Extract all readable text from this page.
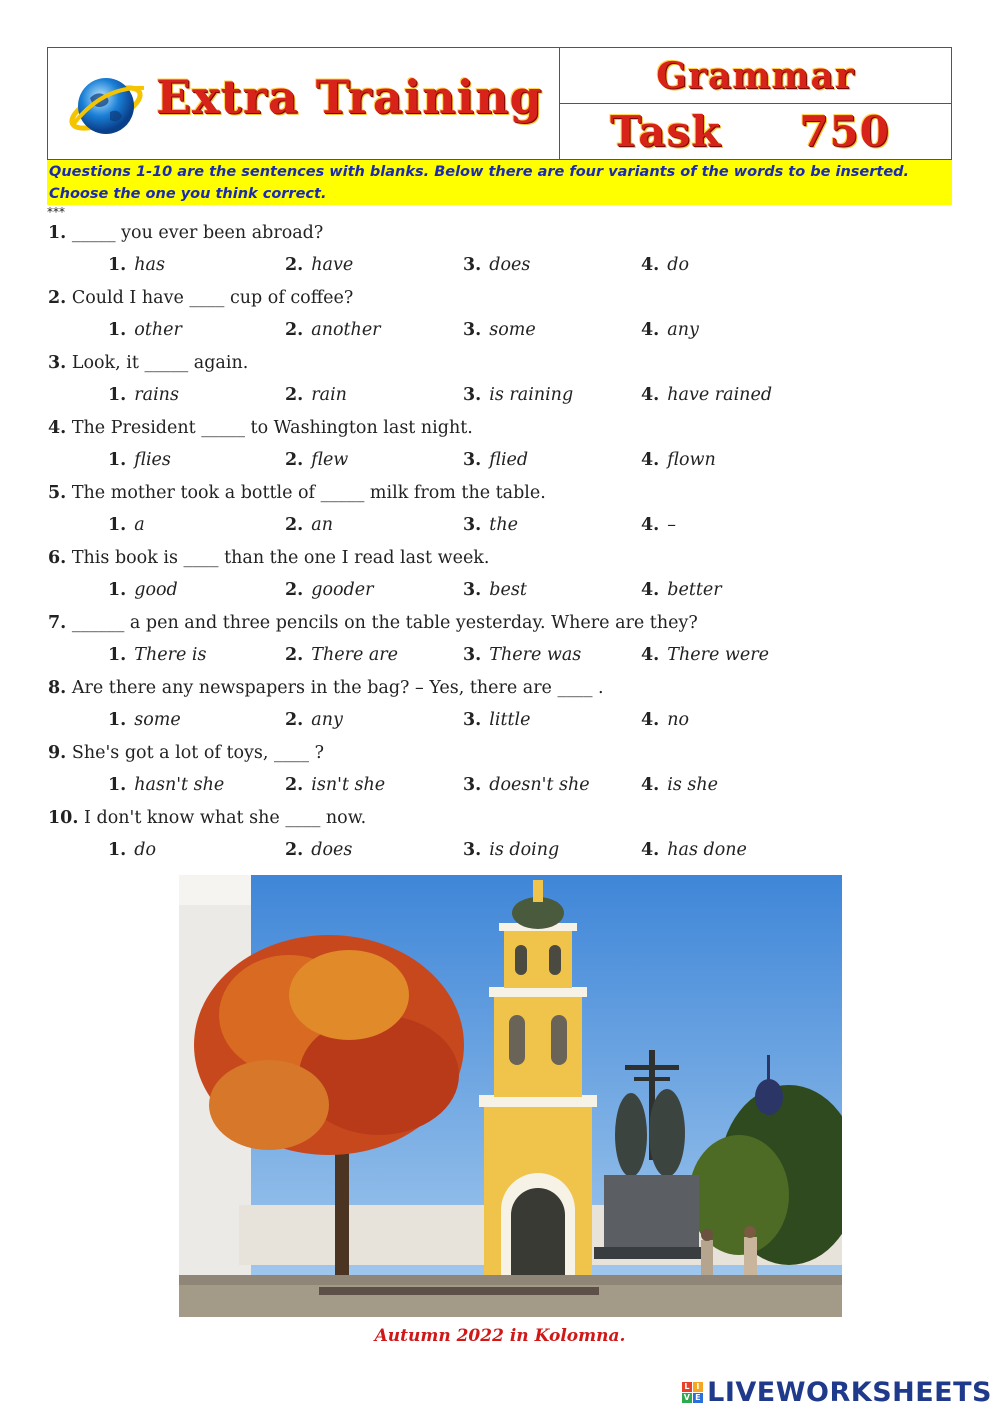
Extra Training	Grammar
Task 750
Questions 1-10 are the sentences with blanks. Below there are four variants of the words to be inserted. Choose the one you think correct.
***
1. _____ you ever been abroad?
1. has	2. have	3. does	4. do
2. Could I have ____ cup of coffee?
1. other	2. another	3. some	4. any
3. Look, it _____ again.
1. rains	2. rain	3. is raining	4. have rained
4. The President _____ to Washington last night.
1. flies	2. flew	3. flied	4. flown
5. The mother took a bottle of _____ milk from the table.
1. a	2. an	3. the	4. –
6. This book is ____ than the one I read last week.
1. good	2. gooder	3. best	4. better
7. ______ a pen and three pencils on the table yesterday. Where are they?
1. There is	2. There are	3. There was	4. There were
8. Are there any newspapers in the bag? – Yes, there are ____ .
1. some	2. any	3. little	4. no
9. She's got a lot of toys, ____ ?
1. hasn't she	2. isn't she	3. doesn't she	4. is she
10. I don't know what she ____ now.
1. do	2. does	3. is doing	4. has done
Autumn 2022 in Kolomna.
L I
V E LIVEWORKSHEETS
